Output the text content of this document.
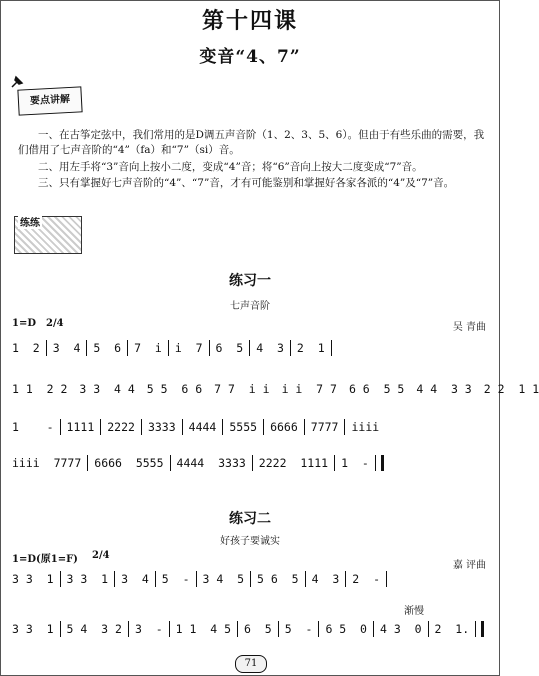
第十四课
变音“4、7”
要点讲解
一、在古筝定弦中，我们常用的是D调五声音阶（1、2、3、5、6）。但由于有些乐曲的需要，我们借用了七声音阶的“4”（fa）和“7”（si）音。
二、用左手将“3”音向上按小二度，变成“4”音；将“6”音向上按大二度变成“7”音。
三、只有掌握好七声音阶的“4”、“7”音，才有可能鉴别和掌握好各家各派的“4”及“7”音。
练练
练习一
七声音阶
1=D 2/4	吴 青曲
1  2 3  4 5  6 7  i i  7 6  5 4  3 2  1
1 1  2 2 3 3  4 4 5 5  6 6 7 7  i i i i  7 7 6 6  5 5 4 4  3 3 2 2  1 1
1    - 1111 2222 3333 4444 5555 6666 7777 iiii
iiii

7777 6666

5555 4444

3333 2222

1111 1

-
练习二
好孩子要诚实
1=D(原1=F) 2/4
嘉 评曲
3 3  1 3 3  1 3  4 5  - 3 4  5 5 6  5 4  3 2  -
渐慢
3 3  1 5 4  3 2 3  - 1 1  4 5 6  5 5  - 6 5  0 4 3  0 2  1.
71
